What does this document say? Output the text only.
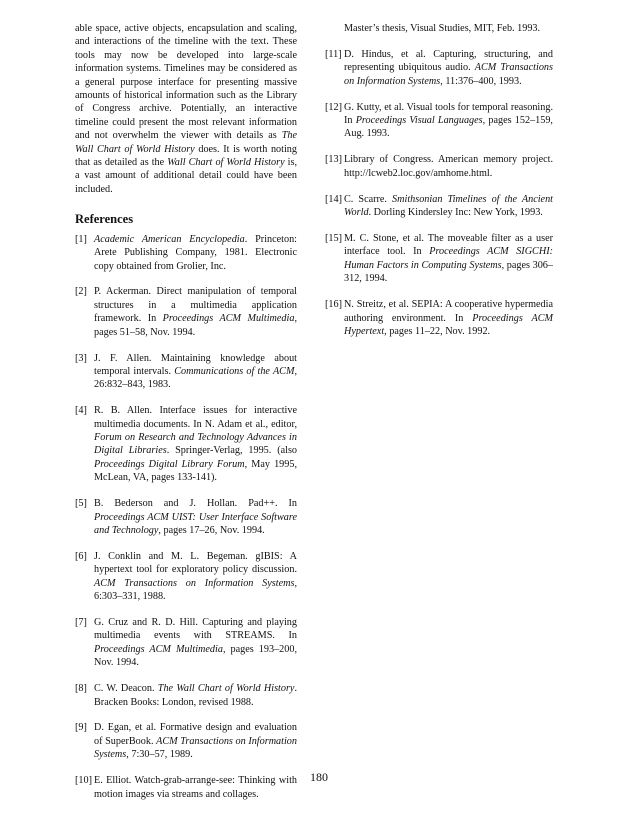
able space, active objects, encapsulation and scaling, and interactions of the timeline with the text. These tools may now be developed into large-scale information systems. Timelines may be considered as a general purpose interface for presenting massive amounts of historical information such as the Library of Congress archive. Potentially, an interactive timeline could present the most relevant information and not overwhelm the viewer with details as The Wall Chart of World History does. It is worth noting that as detailed as the Wall Chart of World History is, a vast amount of additional detail could have been included.

References
[1] Academic American Encyclopedia. Princeton: Arete Publishing Company, 1981. Electronic copy obtained from Grolier, Inc.
[2] P. Ackerman. Direct manipulation of temporal structures in a multimedia application framework. In Proceedings ACM Multimedia, pages 51–58, Nov. 1994.
[3] J. F. Allen. Maintaining knowledge about temporal intervals. Communications of the ACM, 26:832–843, 1983.
[4] R. B. Allen. Interface issues for interactive multimedia documents. In N. Adam et al., editor, Forum on Research and Technology Advances in Digital Libraries. Springer-Verlag, 1995. (also Proceedings Digital Library Forum, May 1995, McLean, VA, pages 133-141).
[5] B. Bederson and J. Hollan. Pad++. In Proceedings ACM UIST: User Interface Software and Technology, pages 17–26, Nov. 1994.
[6] J. Conklin and M. L. Begeman. gIBIS: A hypertext tool for exploratory policy discussion. ACM Transactions on Information Systems, 6:303–331, 1988.
[7] G. Cruz and R. D. Hill. Capturing and playing multimedia events with STREAMS. In Proceedings ACM Multimedia, pages 193–200, Nov. 1994.
[8] C. W. Deacon. The Wall Chart of World History. Bracken Books: London, revised 1988.
[9] D. Egan, et al. Formative design and evaluation of SuperBook. ACM Transactions on Information Systems, 7:30–57, 1989.
[10] E. Elliot. Watch-grab-arrange-see: Thinking with motion images via streams and collages.
Master’s thesis, Visual Studies, MIT, Feb. 1993.
[11] D. Hindus, et al. Capturing, structuring, and representing ubiquitous audio. ACM Transactions on Information Systems, 11:376–400, 1993.
[12] G. Kutty, et al. Visual tools for temporal reasoning. In Proceedings Visual Languages, pages 152–159, Aug. 1993.
[13] Library of Congress. American memory project. http://lcweb2.loc.gov/amhome.html.
[14] C. Scarre. Smithsonian Timelines of the Ancient World. Dorling Kindersley Inc: New York, 1993.
[15] M. C. Stone, et al. The moveable filter as a user interface tool. In Proceedings ACM SIGCHI: Human Factors in Computing Systems, pages 306–312, 1994.
[16] N. Streitz, et al. SEPIA: A cooperative hypermedia authoring environment. In Proceedings ACM Hypertext, pages 11–22, Nov. 1992.
180
